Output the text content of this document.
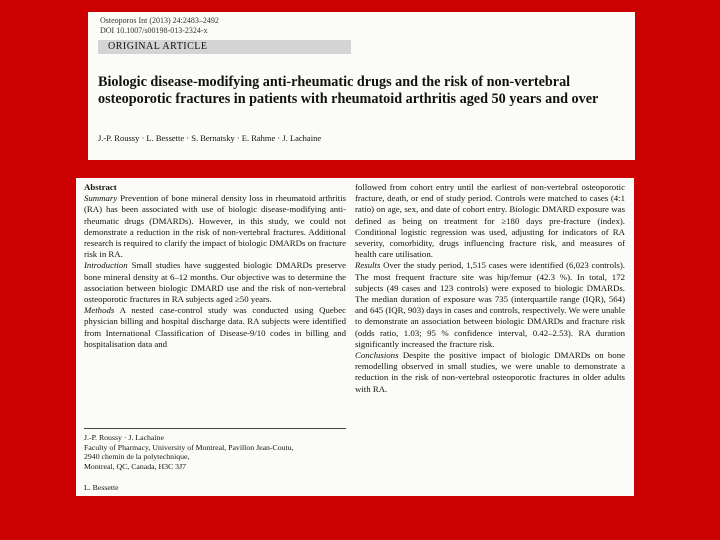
Osteoporos Int (2013) 24:2483–2492
DOI 10.1007/s00198-013-2324-x
ORIGINAL ARTICLE
Biologic disease-modifying anti-rheumatic drugs and the risk of non-vertebral osteoporotic fractures in patients with rheumatoid arthritis aged 50 years and over
J.-P. Roussy · L. Bessette · S. Bernatsky · E. Rahme · J. Lachaine

Abstract

Summary Prevention of bone mineral density loss in rheumatoid arthritis (RA) has been associated with use of biologic disease-modifying anti-rheumatic drugs (DMARDs). However, in this study, we could not demonstrate a reduction in the risk of non-vertebral fractures. Additional research is required to clarify the impact of biologic DMARDs on fracture risk in RA.

Introduction Small studies have suggested biologic DMARDs preserve bone mineral density at 6–12 months. Our objective was to determine the association between biologic DMARD use and the risk of non-vertebral osteoporotic fractures in RA subjects aged ≥50 years.

Methods A nested case-control study was conducted using Quebec physician billing and hospital discharge data. RA subjects were identified from International Classification of Disease-9/10 codes in billing and hospitalisation data and

J.-P. Roussy · J. Lachaine

Faculty of Pharmacy, University of Montreal, Pavillon Jean-Coutu,

2940 chemin de la polytechnique,

Montreal, QC, Canada, H3C 3J7

L. Bessette

followed from cohort entry until the earliest of non-vertebral osteoporotic fracture, death, or end of study period. Controls were matched to cases (4:1 ratio) on age, sex, and date of cohort entry. Biologic DMARD exposure was defined as being on treatment for ≥180 days pre-fracture (index). Conditional logistic regression was used, adjusting for indicators of RA severity, comorbidity, drugs influencing fracture risk, and measures of health care utilisation.

Results Over the study period, 1,515 cases were identified (6,023 controls). The most frequent fracture site was hip/femur (42.3 %). In total, 172 subjects (49 cases and 123 controls) were exposed to biologic DMARDs. The median duration of exposure was 735 (interquartile range (IQR), 564) and 645 (IQR, 903) days in cases and controls, respectively. We were unable to demonstrate an association between biologic DMARDs and fracture risk (odds ratio, 1.03; 95 % confidence interval, 0.42–2.53). RA duration significantly increased the fracture risk.

Conclusions Despite the positive impact of biologic DMARDs on bone remodelling observed in small studies, we were unable to demonstrate a reduction in the risk of non-vertebral osteoporotic fractures in older adults with RA.
